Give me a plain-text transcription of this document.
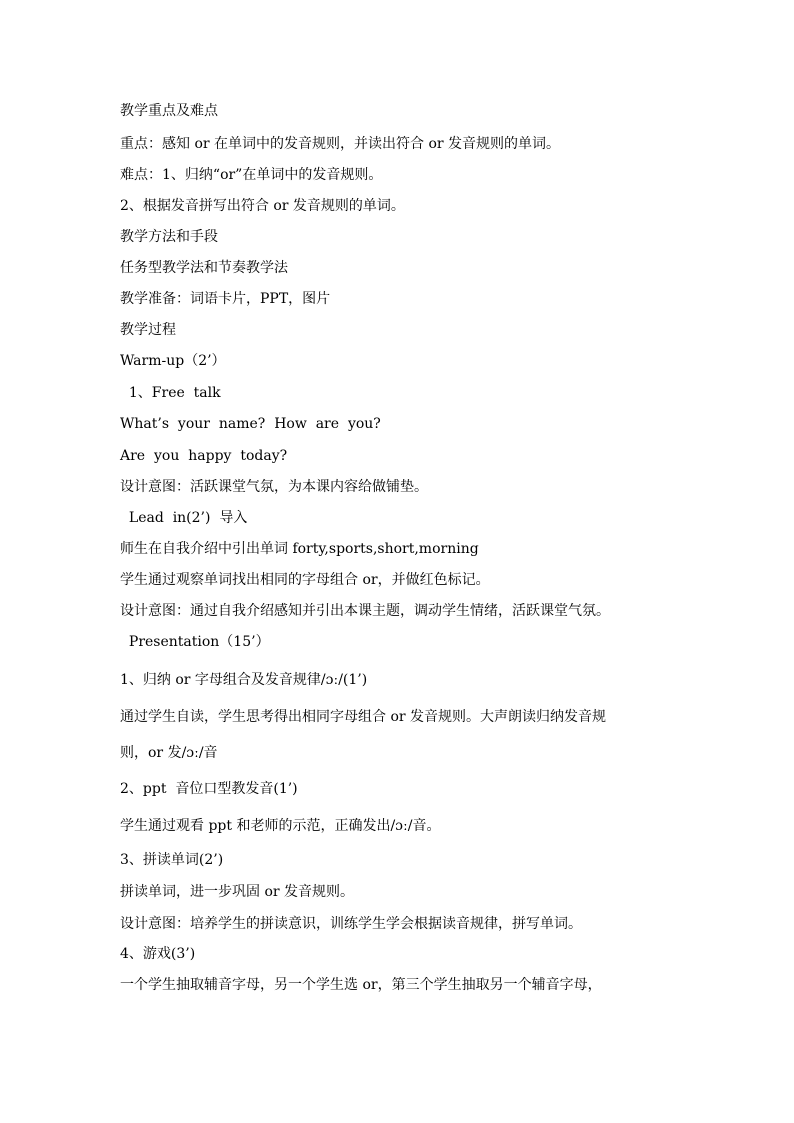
教学重点及难点
重点：感知 or 在单词中的发音规则，并读出符合 or 发音规则的单词。
难点：1、归纳“or”在单词中的发音规则。
2、根据发音拼写出符合 or 发音规则的单词。
教学方法和手段
任务型教学法和节奏教学法
教学准备：词语卡片，PPT，图片
教学过程
Warm-up（2’）
1、Free  talk
What’s  your  name?  How  are  you?
Are  you  happy  today?
设计意图：活跃课堂气氛，为本课内容给做铺垫。
Lead  in(2’)  导入
师生在自我介绍中引出单词 forty,sports,short,morning
学生通过观察单词找出相同的字母组合 or，并做红色标记。
设计意图：通过自我介绍感知并引出本课主题，调动学生情绪，活跃课堂气氛。
Presentation（15’）
1、归纳 or 字母组合及发音规律/ɔː/(1’)
通过学生自读，学生思考得出相同字母组合 or 发音规则。大声朗读归纳发音规
则，or 发/ɔː/音
2、ppt  音位口型教发音(1’)
学生通过观看 ppt 和老师的示范，正确发出/ɔː/音。
3、拼读单词(2’)
拼读单词，进一步巩固 or 发音规则。
设计意图：培养学生的拼读意识，训练学生学会根据读音规律，拼写单词。
4、游戏(3’)
一个学生抽取辅音字母，另一个学生选 or，第三个学生抽取另一个辅音字母，
